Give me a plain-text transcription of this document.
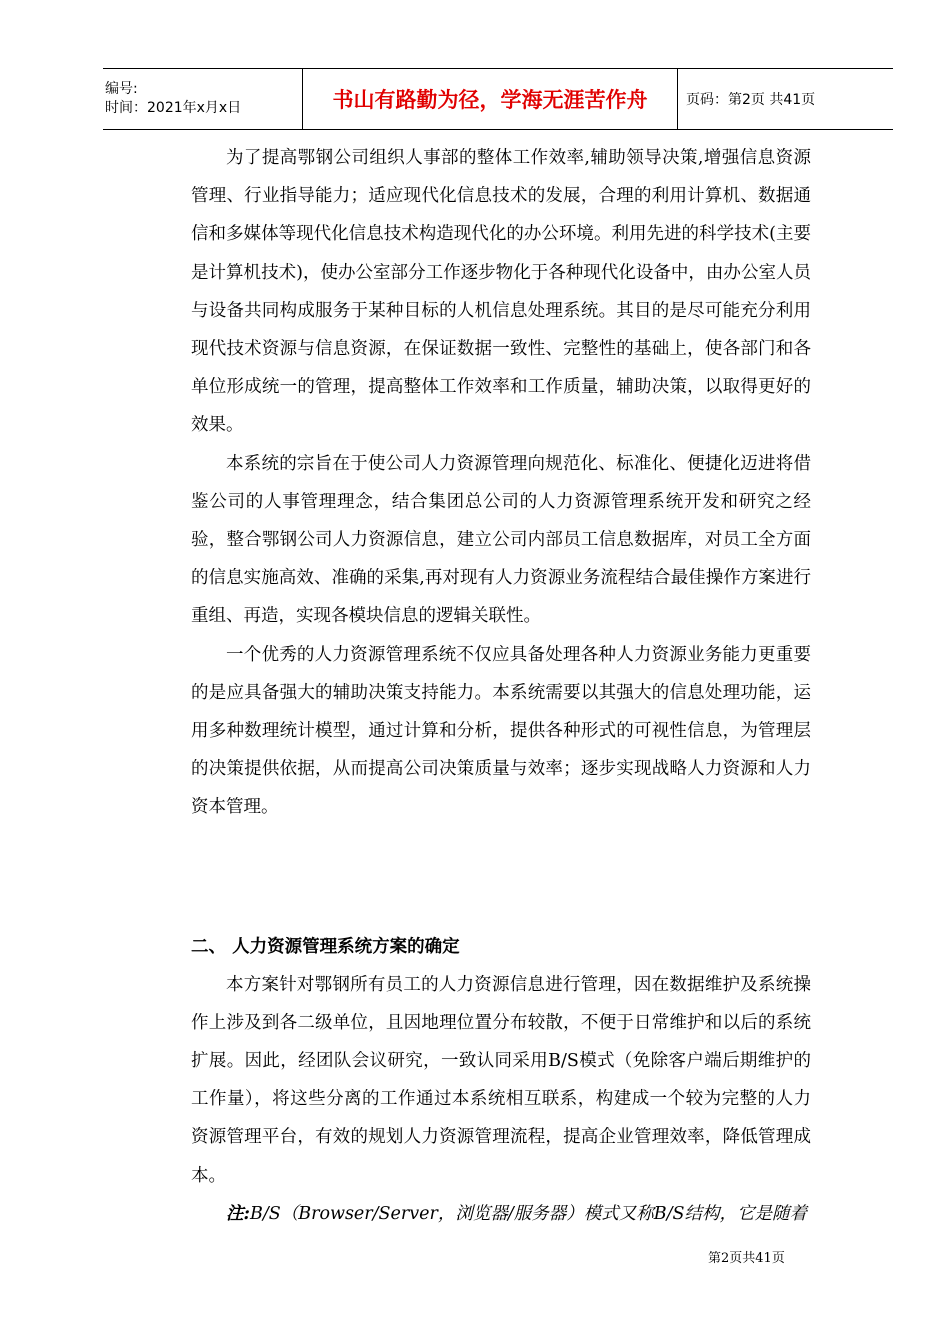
编号:
时间：2021年x月x日	书山有路勤为径，学海无涯苦作舟	页码：第2页 共41页

为了提高鄂钢公司组织人事部的整体工作效率,辅助领导决策,增强信息资源管理、行业指导能力；适应现代化信息技术的发展，合理的利用计算机、数据通信和多媒体等现代化信息技术构造现代化的办公环境。利用先进的科学技术(主要是计算机技术)，使办公室部分工作逐步物化于各种现代化设备中，由办公室人员与设备共同构成服务于某种目标的人机信息处理系统。其目的是尽可能充分利用现代技术资源与信息资源，在保证数据一致性、完整性的基础上，使各部门和各单位形成统一的管理，提高整体工作效率和工作质量，辅助决策，以取得更好的效果。

本系统的宗旨在于使公司人力资源管理向规范化、标准化、便捷化迈进将借鉴公司的人事管理理念，结合集团总公司的人力资源管理系统开发和研究之经验，整合鄂钢公司人力资源信息，建立公司内部员工信息数据库，对员工全方面的信息实施高效、准确的采集,再对现有人力资源业务流程结合最佳操作方案进行重组、再造，实现各模块信息的逻辑关联性。

一个优秀的人力资源管理系统不仅应具备处理各种人力资源业务能力更重要的是应具备强大的辅助决策支持能力。本系统需要以其强大的信息处理功能，运用多种数理统计模型，通过计算和分析，提供各种形式的可视性信息，为管理层的决策提供依据，从而提高公司决策质量与效率；逐步实现战略人力资源和人力资本管理。

二、 人力资源管理系统方案的确定

本方案针对鄂钢所有员工的人力资源信息进行管理，因在数据维护及系统操作上涉及到各二级单位，且因地理位置分布较散，不便于日常维护和以后的系统扩展。因此，经团队会议研究，一致认同采用B/S模式（免除客户端后期维护的工作量），将这些分离的工作通过本系统相互联系，构建成一个较为完整的人力资源管理平台，有效的规划人力资源管理流程，提高企业管理效率，降低管理成本。

注:B/S（Browser/Server，浏览器/服务器）模式又称B/S结构，它是随着

第2页共41页
